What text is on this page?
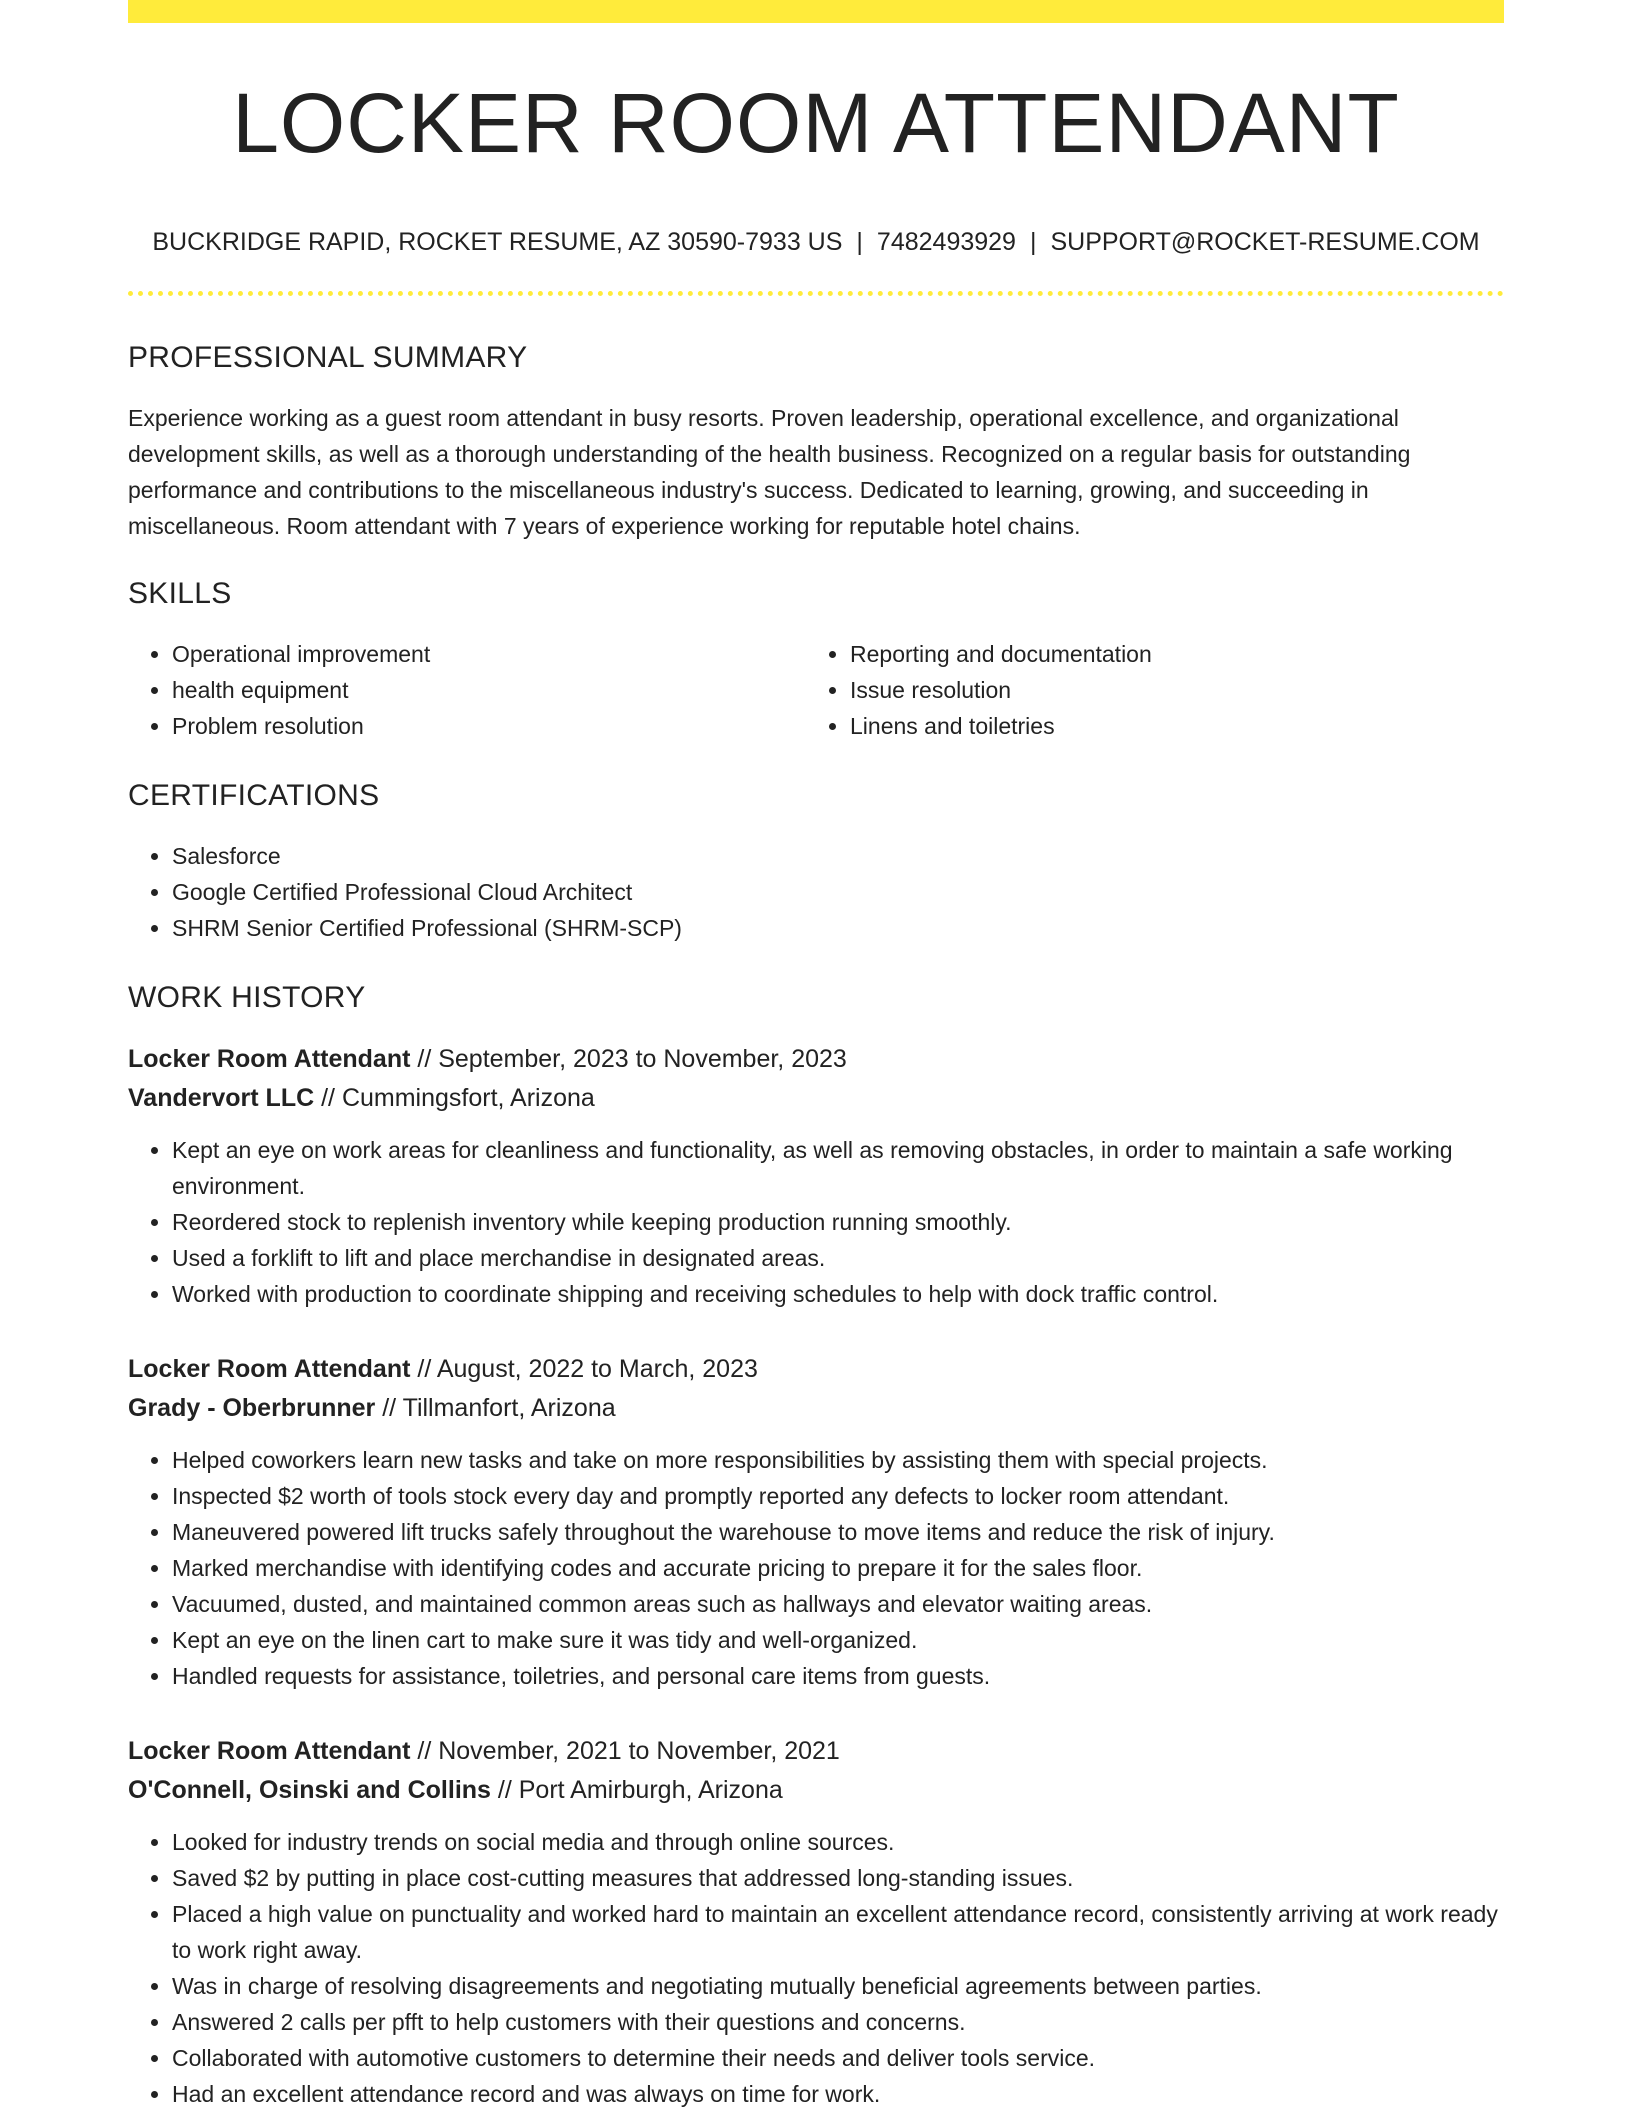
LOCKER ROOM ATTENDANT
BUCKRIDGE RAPID, ROCKET RESUME, AZ 30590-7933 US | 7482493929 | SUPPORT@ROCKET-RESUME.COM
PROFESSIONAL SUMMARY

Experience working as a guest room attendant in busy resorts. Proven leadership, operational excellence, and organizational development skills, as well as a thorough understanding of the health business. Recognized on a regular basis for outstanding performance and contributions to the miscellaneous industry's success. Dedicated to learning, growing, and succeeding in miscellaneous. Room attendant with 7 years of experience working for reputable hotel chains.

SKILLS
• Operational improvement
• health equipment
• Problem resolution
• Reporting and documentation
• Issue resolution
• Linens and toiletries
CERTIFICATIONS
• Salesforce
• Google Certified Professional Cloud Architect
• SHRM Senior Certified Professional (SHRM-SCP)
WORK HISTORY
Locker Room Attendant // September, 2023 to November, 2023
Vandervort LLC // Cummingsfort, Arizona
• Kept an eye on work areas for cleanliness and functionality, as well as removing obstacles, in order to maintain a safe working environment.
• Reordered stock to replenish inventory while keeping production running smoothly.
• Used a forklift to lift and place merchandise in designated areas.
• Worked with production to coordinate shipping and receiving schedules to help with dock traffic control.
Locker Room Attendant // August, 2022 to March, 2023
Grady - Oberbrunner // Tillmanfort, Arizona
• Helped coworkers learn new tasks and take on more responsibilities by assisting them with special projects.
• Inspected $2 worth of tools stock every day and promptly reported any defects to locker room attendant.
• Maneuvered powered lift trucks safely throughout the warehouse to move items and reduce the risk of injury.
• Marked merchandise with identifying codes and accurate pricing to prepare it for the sales floor.
• Vacuumed, dusted, and maintained common areas such as hallways and elevator waiting areas.
• Kept an eye on the linen cart to make sure it was tidy and well-organized.
• Handled requests for assistance, toiletries, and personal care items from guests.
Locker Room Attendant // November, 2021 to November, 2021
O'Connell, Osinski and Collins // Port Amirburgh, Arizona
• Looked for industry trends on social media and through online sources.
• Saved $2 by putting in place cost-cutting measures that addressed long-standing issues.
• Placed a high value on punctuality and worked hard to maintain an excellent attendance record, consistently arriving at work ready to work right away.
• Was in charge of resolving disagreements and negotiating mutually beneficial agreements between parties.
• Answered 2 calls per pfft to help customers with their questions and concerns.
• Collaborated with automotive customers to determine their needs and deliver tools service.
• Had an excellent attendance record and was always on time for work.
